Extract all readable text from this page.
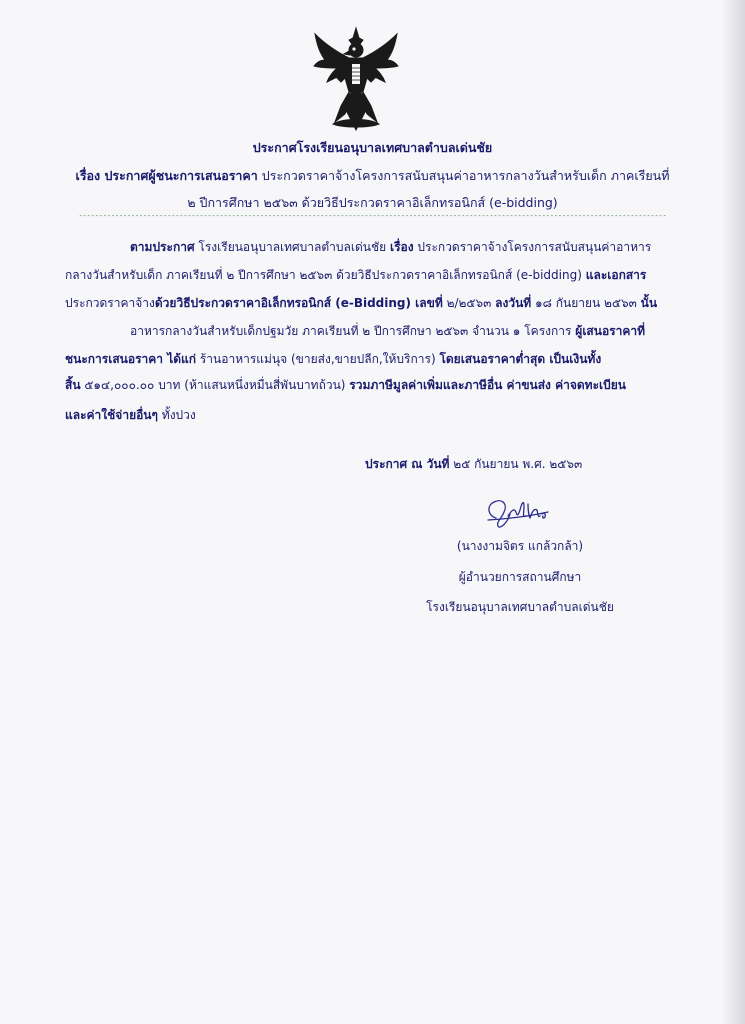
ประกาศโรงเรียนอนุบาลเทศบาลตำบลเด่นชัย
เรื่อง ประกาศผู้ชนะการเสนอราคา ประกวดราคาจ้างโครงการสนับสนุนค่าอาหารกลางวันสำหรับเด็ก ภาคเรียนที่
๒ ปีการศึกษา ๒๕๖๓ ด้วยวิธีประกวดราคาอิเล็กทรอนิกส์ (e-bidding)
--------------------------------------------------------------------------------------------------------------------------------------------------
ตามประกาศ โรงเรียนอนุบาลเทศบาลตำบลเด่นชัย เรื่อง ประกวดราคาจ้างโครงการสนับสนุนค่าอาหาร
กลางวันสำหรับเด็ก ภาคเรียนที่ ๒ ปีการศึกษา ๒๕๖๓ ด้วยวิธีประกวดราคาอิเล็กทรอนิกส์ (e-bidding) และเอกสาร
ประกวดราคาจ้างด้วยวิธีประกวดราคาอิเล็กทรอนิกส์ (e-Bidding) เลขที่ ๒/๒๕๖๓ ลงวันที่ ๑๘ กันยายน ๒๕๖๓ นั้น
อาหารกลางวันสำหรับเด็กปฐมวัย ภาคเรียนที่ ๒ ปีการศึกษา ๒๕๖๓ จำนวน ๑ โครงการ ผู้เสนอราคาที่
ชนะการเสนอราคา ได้แก่ ร้านอาหารแม่นุจ (ขายส่ง,ขายปลีก,ให้บริการ) โดยเสนอราคาต่ำสุด เป็นเงินทั้ง
สิ้น ๕๑๔,๐๐๐.๐๐ บาท (ห้าแสนหนึ่งหมื่นสี่พันบาทถ้วน) รวมภาษีมูลค่าเพิ่มและภาษีอื่น ค่าขนส่ง ค่าจดทะเบียน
และค่าใช้จ่ายอื่นๆ ทั้งปวง
ประกาศ ณ วันที่ ๒๕ กันยายน พ.ศ. ๒๕๖๓
(นางงามจิตร แกล้วกล้า)
ผู้อำนวยการสถานศึกษา
โรงเรียนอนุบาลเทศบาลตำบลเด่นชัย
